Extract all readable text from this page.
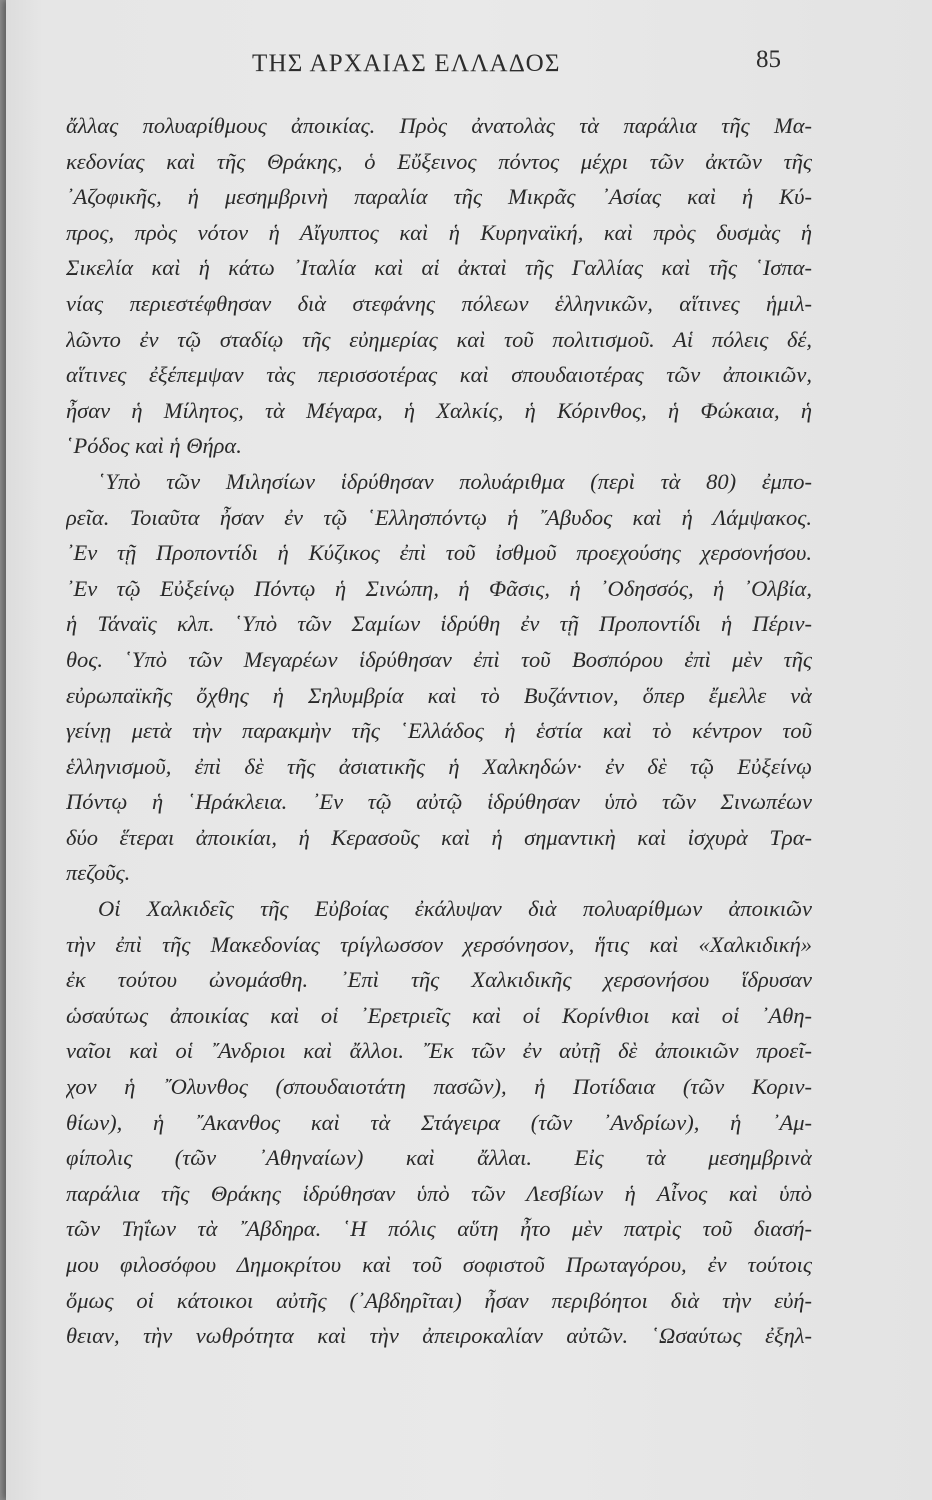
ΤΗΣ ΑΡΧΑΙΑΣ ΕΛΛΑΔΟΣ	85
ἄλλας πολυαρίθμους ἀποικίας. Πρὸς ἀνατολὰς τὰ παράλια τῆς Μα-
κεδονίας καὶ τῆς Θράκης, ὁ Εὔξεινος πόντος μέχρι τῶν ἀκτῶν τῆς
᾿Αζοφικῆς, ἡ μεσημβρινὴ παραλία τῆς Μικρᾶς ᾿Ασίας καὶ ἡ Κύ-
προς, πρὸς νότον ἡ Αἴγυπτος καὶ ἡ Κυρηναϊκή, καὶ πρὸς δυσμὰς ἡ
Σικελία καὶ ἡ κάτω ᾿Ιταλία καὶ αἱ ἀκταὶ τῆς Γαλλίας καὶ τῆς ῾Ισπα-
νίας περιεστέφθησαν διὰ στεφάνης πόλεων ἑλληνικῶν, αἵτινες ἡμιλ-
λῶντο ἐν τῷ σταδίῳ τῆς εὐημερίας καὶ τοῦ πολιτισμοῦ. Αἱ πόλεις δέ,
αἵτινες ἐξέπεμψαν τὰς περισσοτέρας καὶ σπουδαιοτέρας τῶν ἀποικιῶν,
ἦσαν ἡ Μίλητος, τὰ Μέγαρα, ἡ Χαλκίς, ἡ Κόρινθος, ἡ Φώκαια, ἡ
῾Ρόδος καὶ ἡ Θήρα.
῾Υπὸ τῶν Μιλησίων ἱδρύθησαν πολυάριθμα (περὶ τὰ 80) ἐμπο-
ρεῖα. Τοιαῦτα ἦσαν ἐν τῷ ῾Ελλησπόντῳ ἡ ῎Αβυδος καὶ ἡ Λάμψακος.
᾿Εν τῇ Προποντίδι ἡ Κύζικος ἐπὶ τοῦ ἰσθμοῦ προεχούσης χερσονήσου.
᾿Εν τῷ Εὐξείνῳ Πόντῳ ἡ Σινώπη, ἡ Φᾶσις, ἡ ᾿Οδησσός, ἡ ᾿Ολβία,
ἡ Τάναϊς κλπ. ῾Υπὸ τῶν Σαμίων ἱδρύθη ἐν τῇ Προποντίδι ἡ Πέριν-
θος. ῾Υπὸ τῶν Μεγαρέων ἱδρύθησαν ἐπὶ τοῦ Βοσπόρου ἐπὶ μὲν τῆς
εὐρωπαϊκῆς ὄχθης ἡ Σηλυμβρία καὶ τὸ Βυζάντιον, ὅπερ ἔμελλε νὰ
γείνῃ μετὰ τὴν παρακμὴν τῆς ῾Ελλάδος ἡ ἑστία καὶ τὸ κέντρον τοῦ
ἑλληνισμοῦ, ἐπὶ δὲ τῆς ἀσιατικῆς ἡ Χαλκηδών· ἐν δὲ τῷ Εὐξείνῳ
Πόντῳ ἡ ῾Ηράκλεια. ᾿Εν τῷ αὐτῷ ἱδρύθησαν ὑπὸ τῶν Σινωπέων
δύο ἕτεραι ἀποικίαι, ἡ Κερασοῦς καὶ ἡ σημαντικὴ καὶ ἰσχυρὰ Τρα-
πεζοῦς.
Οἱ Χαλκιδεῖς τῆς Εὐβοίας ἐκάλυψαν διὰ πολυαρίθμων ἀποικιῶν
τὴν ἐπὶ τῆς Μακεδονίας τρίγλωσσον χερσόνησον, ἥτις καὶ «Χαλκιδική»
ἐκ τούτου ὠνομάσθη. ᾿Επὶ τῆς Χαλκιδικῆς χερσονήσου ἵδρυσαν
ὡσαύτως ἀποικίας καὶ οἱ ᾿Ερετριεῖς καὶ οἱ Κορίνθιοι καὶ οἱ ᾿Αθη-
ναῖοι καὶ οἱ ῎Ανδριοι καὶ ἄλλοι. ῎Εκ τῶν ἐν αὐτῇ δὲ ἀποικιῶν προεῖ-
χον ἡ ῎Ολυνθος (σπουδαιοτάτη πασῶν), ἡ Ποτίδαια (τῶν Κοριν-
θίων), ἡ ῎Ακανθος καὶ τὰ Στάγειρα (τῶν ᾿Ανδρίων), ἡ ᾿Αμ-
φίπολις (τῶν ᾿Αθηναίων) καὶ ἄλλαι. Εἰς τὰ μεσημβρινὰ
παράλια τῆς Θράκης ἱδρύθησαν ὑπὸ τῶν Λεσβίων ἡ Αἶνος καὶ ὑπὸ
τῶν Τηΐων τὰ ῎Αβδηρα. ῾Η πόλις αὕτη ἦτο μὲν πατρὶς τοῦ διασή-
μου φιλοσόφου Δημοκρίτου καὶ τοῦ σοφιστοῦ Πρωταγόρου, ἐν τούτοις
ὅμως οἱ κάτοικοι αὐτῆς (᾿Αβδηρῖται) ἦσαν περιβόητοι διὰ τὴν εὐή-
θειαν, τὴν νωθρότητα καὶ τὴν ἀπειροκαλίαν αὐτῶν. ῾Ωσαύτως ἐξηλ-
